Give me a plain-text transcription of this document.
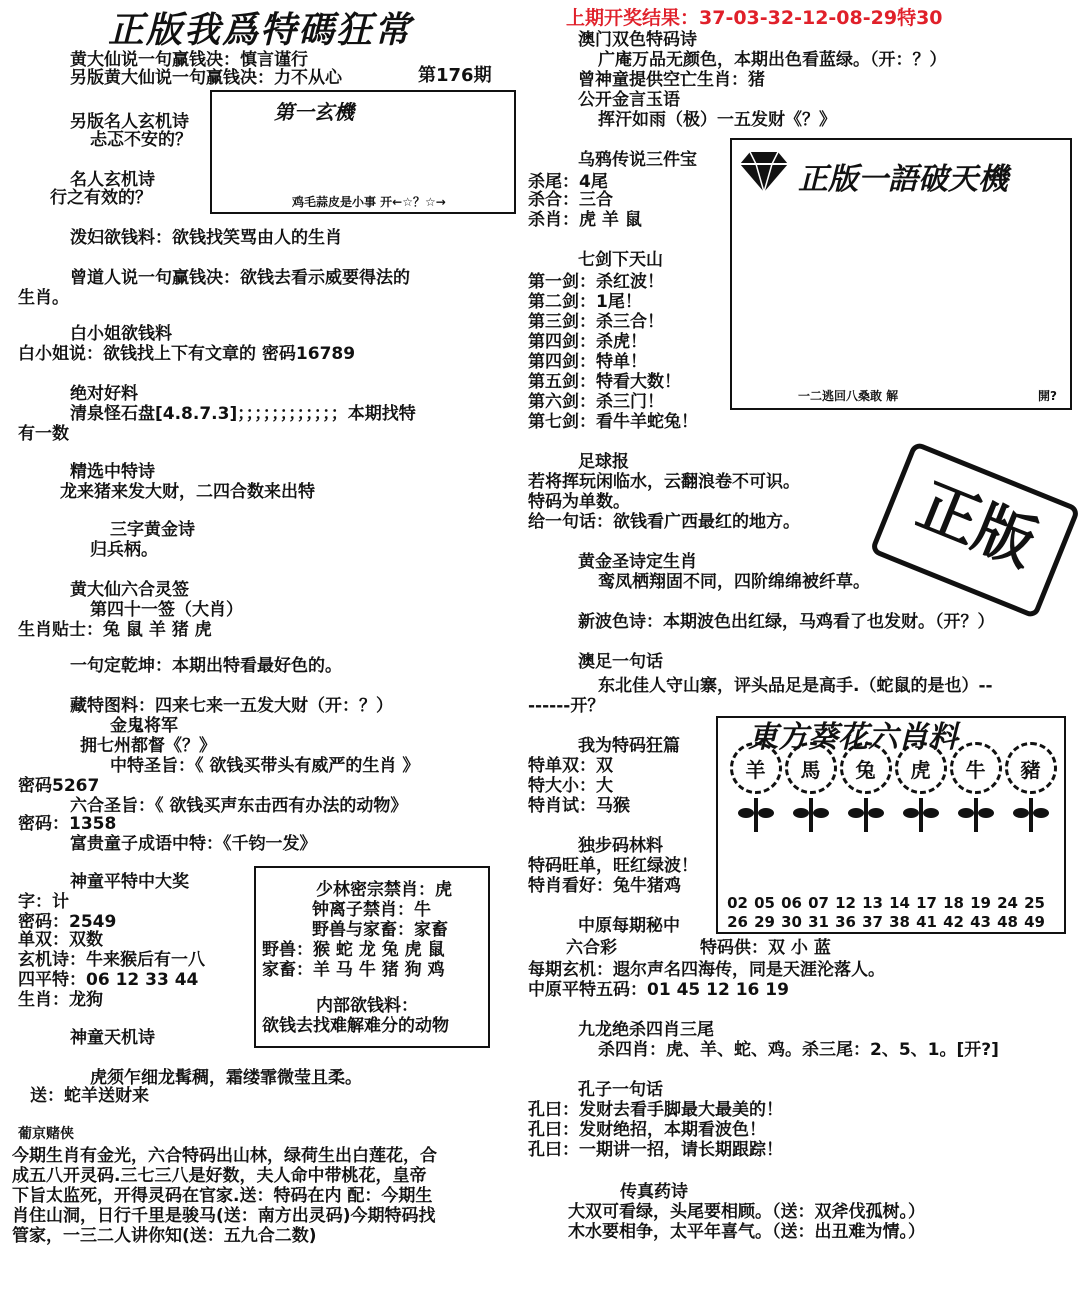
正版我爲特碼狂常	上期开奖结果：37-03-32-12-08-29特30
第176期
第一玄機
鸡毛蒜皮是小事 开←☆？☆→
正版一語破天機
一二逃回八桑敢 解	開?
正版
少林密宗禁肖：虎
钟离子禁肖：牛
野兽与家畜：家畜
野兽：猴 蛇 龙 兔 虎 鼠
家畜：羊 马 牛 猪 狗 鸡
内部欲钱料：
欲钱去找难解难分的动物
東方葵花六肖料
羊	馬	兔	虎	牛	豬
02 05 06 07 12 13 14 17 18 19 24 25
26 29 30 31 36 37 38 41 42 43 48 49
黄大仙说一句赢钱决：慎言谨行
另版黄大仙说一句赢钱决：力不从心
另版名人玄机诗
忐忑不安的？
名人玄机诗
行之有效的？
泼妇欲钱料：欲钱找笑骂由人的生肖
曾道人说一句赢钱决：欲钱去看示威要得法的
生肖。
白小姐欲钱料
白小姐说：欲钱找上下有文章的 密码16789
绝对好料
清泉怪石盘[4.8.7.3]；；；；；；；；；；；；本期找特
有一数
精选中特诗
龙来猪来发大财，二四合数来出特
三字黄金诗
归兵柄。
黄大仙六合灵签
第四十一签（大肖）
生肖贴士：兔 鼠 羊 猪 虎
一句定乾坤：本期出特看最好色的。
藏特图料：四来七来一五发大财（开：？）
金鬼将军
拥七州都督《？》
中特圣旨：《 欲钱买带头有威严的生肖 》
密码5267
六合圣旨：《 欲钱买声东击西有办法的动物》
密码：1358
富贵童子成语中特：《千钧一发》
神童平特中大奖
字：计
密码：2549
单双：双数
玄机诗：牛来猴后有一八
四平特：06 12 33 44
生肖：龙狗
神童天机诗
虎须乍细龙髯稠，霜缕霏微莹且柔。
送：蛇羊送财来
葡京赌侠
今期生肖有金光，六合特码出山林，绿荷生出白莲花，合
成五八开灵码.三七三八是好数，夫人命中带桃花，皇帝
下旨太监死，开得灵码在官家.送：特码在内 配：今期生
肖住山洞，日行千里是骏马(送：南方出灵码)今期特码找
管家，一三二人讲你知(送：五九合二数)
澳门双色特码诗
广庵万品无颜色，本期出色看蓝绿。（开：？）
曾神童提供空亡生肖：猪
公开金言玉语
挥汗如雨（极）一五发财《？》
乌鸦传说三件宝
杀尾：4尾
杀合：三合
杀肖：虎 羊 鼠
七剑下天山
第一剑：杀红波！
第二剑：1尾！
第三剑：杀三合！
第四剑：杀虎！
第四剑：特单！
第五剑：特看大数！
第六剑：杀三门！
第七剑：看牛羊蛇兔！
足球报
若将挥玩闲临水，云翻浪卷不可识。
特码为单数。
给一句话：欲钱看广西最红的地方。
黄金圣诗定生肖
鸾凤栖翔固不同，四阶绵绵被纤草。
新波色诗：本期波色出红绿，马鸡看了也发财。（开？）
澳足一句话
东北佳人守山寨，评头品足是高手.（蛇鼠的是也）--
------开？
我为特码狂篇
特单双：双
特大小：大
特肖试：马猴
独步码林料
特码旺单，旺红绿波！
特肖看好：兔牛猪鸡
中原每期秘中
六合彩	特码供：双 小 蓝
每期玄机：遐尔声名四海传，同是天涯沦落人。
中原平特五码：01 45 12 16 19
九龙绝杀四肖三尾
杀四肖：虎、羊、蛇、鸡。杀三尾：2、5、1。[开?]
孔子一句话
孔曰：发财去看手脚最大最美的！
孔曰：发财绝招，本期看波色！
孔曰：一期讲一招，请长期跟踪！
传真药诗
大双可看绿，头尾要相顾。（送：双斧伐孤树。）
木水要相争，太平年喜气。（送：出丑难为情。）
